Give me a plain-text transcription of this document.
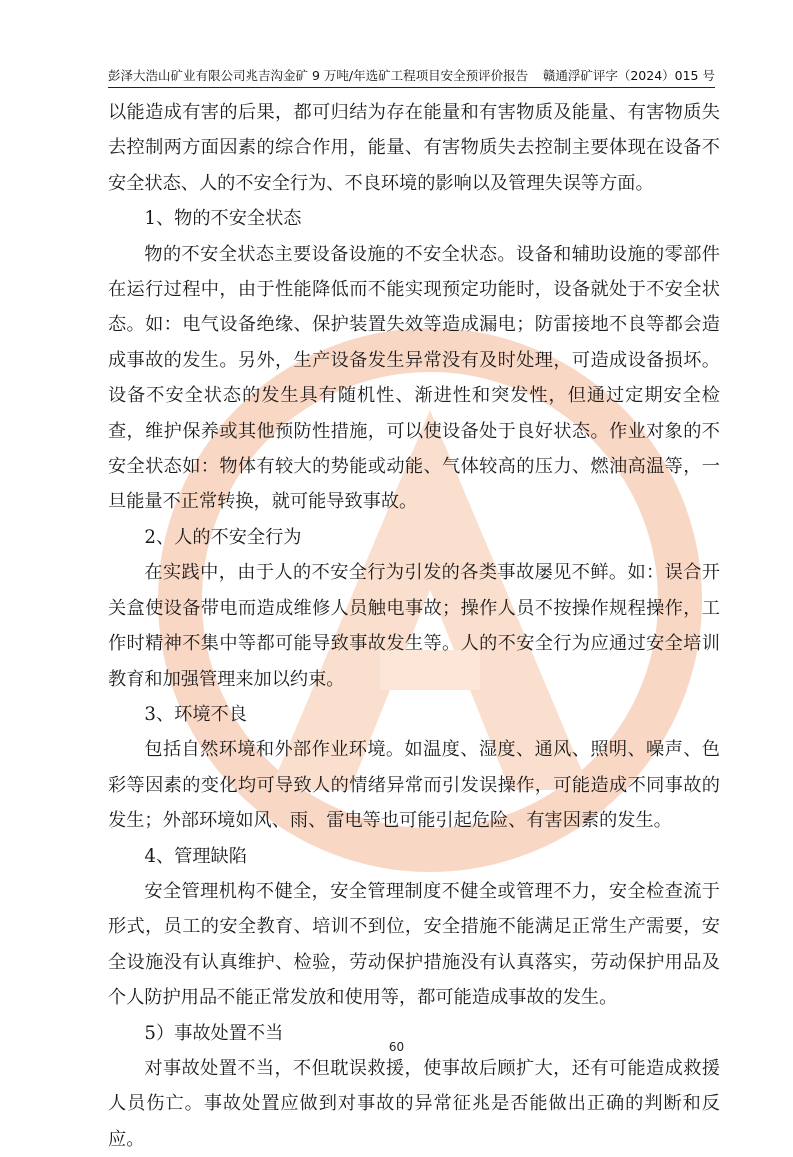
彭泽大浩山矿业有限公司兆吉沟金矿 9 万吨/年选矿工程项目安全预评价报告 赣通浮矿评字（2024）015 号

以能造成有害的后果，都可归结为存在能量和有害物质及能量、有害物质失去控制两方面因素的综合作用，能量、有害物质失去控制主要体现在设备不安全状态、人的不安全行为、不良环境的影响以及管理失误等方面。

1、物的不安全状态

物的不安全状态主要设备设施的不安全状态。设备和辅助设施的零部件在运行过程中，由于性能降低而不能实现预定功能时，设备就处于不安全状态。如：电气设备绝缘、保护装置失效等造成漏电；防雷接地不良等都会造成事故的发生。另外，生产设备发生异常没有及时处理，可造成设备损坏。设备不安全状态的发生具有随机性、渐进性和突发性，但通过定期安全检查，维护保养或其他预防性措施，可以使设备处于良好状态。作业对象的不安全状态如：物体有较大的势能或动能、气体较高的压力、燃油高温等，一旦能量不正常转换，就可能导致事故。

2、人的不安全行为

在实践中，由于人的不安全行为引发的各类事故屡见不鲜。如：误合开关盒使设备带电而造成维修人员触电事故；操作人员不按操作规程操作，工作时精神不集中等都可能导致事故发生等。人的不安全行为应通过安全培训教育和加强管理来加以约束。

3、环境不良

包括自然环境和外部作业环境。如温度、湿度、通风、照明、噪声、色彩等因素的变化均可导致人的情绪异常而引发误操作，可能造成不同事故的发生；外部环境如风、雨、雷电等也可能引起危险、有害因素的发生。

4、管理缺陷

安全管理机构不健全，安全管理制度不健全或管理不力，安全检查流于形式，员工的安全教育、培训不到位，安全措施不能满足正常生产需要，安全设施没有认真维护、检验，劳动保护措施没有认真落实，劳动保护用品及个人防护用品不能正常发放和使用等，都可能造成事故的发生。

5）事故处置不当

对事故处置不当，不但耽误救援，使事故后顾扩大，还有可能造成救援人员伤亡。事故处置应做到对事故的异常征兆是否能做出正确的判断和反应。

60
